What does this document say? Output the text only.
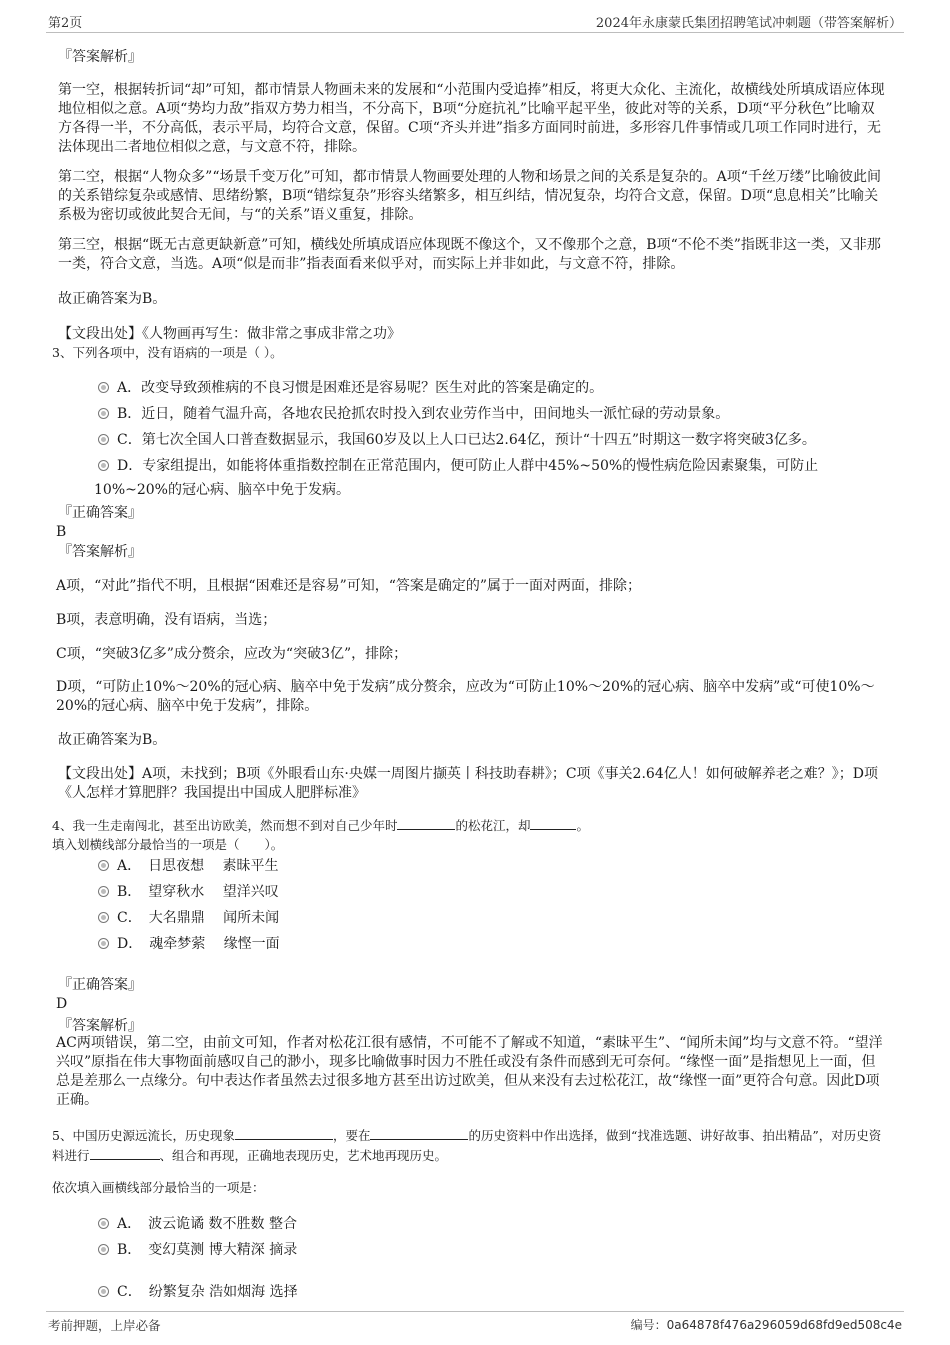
第2页	2024年永康蒙氏集团招聘笔试冲刺题（带答案解析）

『答案解析』

第一空，根据转折词“却”可知，都市情景人物画未来的发展和“小范围内受追捧”相反，将更大众化、主流化，故横线处所填成语应体现地位相似之意。A项“势均力敌”指双方势力相当，不分高下，B项“分庭抗礼”比喻平起平坐，彼此对等的关系，D项“平分秋色”比喻双方各得一半，不分高低，表示平局，均符合文意，保留。C项“齐头并进”指多方面同时前进，多形容几件事情或几项工作同时进行，无法体现出二者地位相似之意，与文意不符，排除。

第二空，根据“人物众多”“场景千变万化”可知，都市情景人物画要处理的人物和场景之间的关系是复杂的。A项“千丝万缕”比喻彼此间的关系错综复杂或感情、思绪纷繁，B项“错综复杂”形容头绪繁多，相互纠结，情况复杂，均符合文意，保留。D项“息息相关”比喻关系极为密切或彼此契合无间，与“的关系”语义重复，排除。

第三空，根据“既无古意更缺新意”可知，横线处所填成语应体现既不像这个，又不像那个之意，B项“不伦不类”指既非这一类，又非那一类，符合文意，当选。A项“似是而非”指表面看来似乎对，而实际上并非如此，与文意不符，排除。

故正确答案为B。

【文段出处】《人物画再写生：做非常之事成非常之功》

3、下列各项中，没有语病的一项是（ ）。

A．改变导致颈椎病的不良习惯是困难还是容易呢？医生对此的答案是确定的。
B．近日，随着气温升高，各地农民抢抓农时投入到农业劳作当中，田间地头一派忙碌的劳动景象。
C．第七次全国人口普查数据显示，我国60岁及以上人口已达2.64亿，预计“十四五”时期这一数字将突破3亿多。
D．专家组提出，如能将体重指数控制在正常范围内，便可防止人群中45%~50%的慢性病危险因素聚集，可防止

10%~20%的冠心病、脑卒中免于发病。

『正确答案』

B

『答案解析』

A项，“对此”指代不明，且根据“困难还是容易”可知，“答案是确定的”属于一面对两面，排除；

B项，表意明确，没有语病，当选；

C项，“突破3亿多”成分赘余，应改为“突破3亿”，排除；

D项，“可防止10%～20%的冠心病、脑卒中免于发病”成分赘余，应改为“可防止10%～20%的冠心病、脑卒中发病”或“可使10%～20%的冠心病、脑卒中免于发病”，排除。

故正确答案为B。

【文段出处】A项，未找到；B项《外眼看山东·央媒一周图片撷英丨科技助春耕》；C项《事关2.64亿人！如何破解养老之难？》；D项《人怎样才算肥胖？我国提出中国成人肥胖标准》

4、我一生走南闯北，甚至出访欧美，然而想不到对自己少年时	的松花江，却	。

填入划横线部分最恰当的一项是（　　）。

A．　日思夜想　 素昧平生
B．　望穿秋水　 望洋兴叹
C．　大名鼎鼎　 闻所未闻
D．　魂牵梦萦　 缘悭一面

『正确答案』

D

『答案解析』

AC两项错误，第二空，由前文可知，作者对松花江很有感情，不可能不了解或不知道，“素昧平生”、“闻所未闻”均与文意不符。“望洋兴叹”原指在伟大事物面前感叹自己的渺小，现多比喻做事时因力不胜任或没有条件而感到无可奈何。“缘悭一面”是指想见上一面，但总是差那么一点缘分。句中表达作者虽然去过很多地方甚至出访过欧美，但从来没有去过松花江，故“缘悭一面”更符合句意。因此D项正确。

5、中国历史源远流长，历史现象	，要在	的历史资料中作出选择，做到“找准选题、讲好故事、拍出精品”，对历史资料进行	、组合和再现，正确地表现历史，艺术地再现历史。

依次填入画横线部分最恰当的一项是：

A．　波云诡谲 数不胜数 整合
B．　变幻莫测 博大精深 摘录
C．　纷繁复杂 浩如烟海 选择
考前押题，上岸必备	编号：0a64878f476a296059d68fd9ed508c4e
